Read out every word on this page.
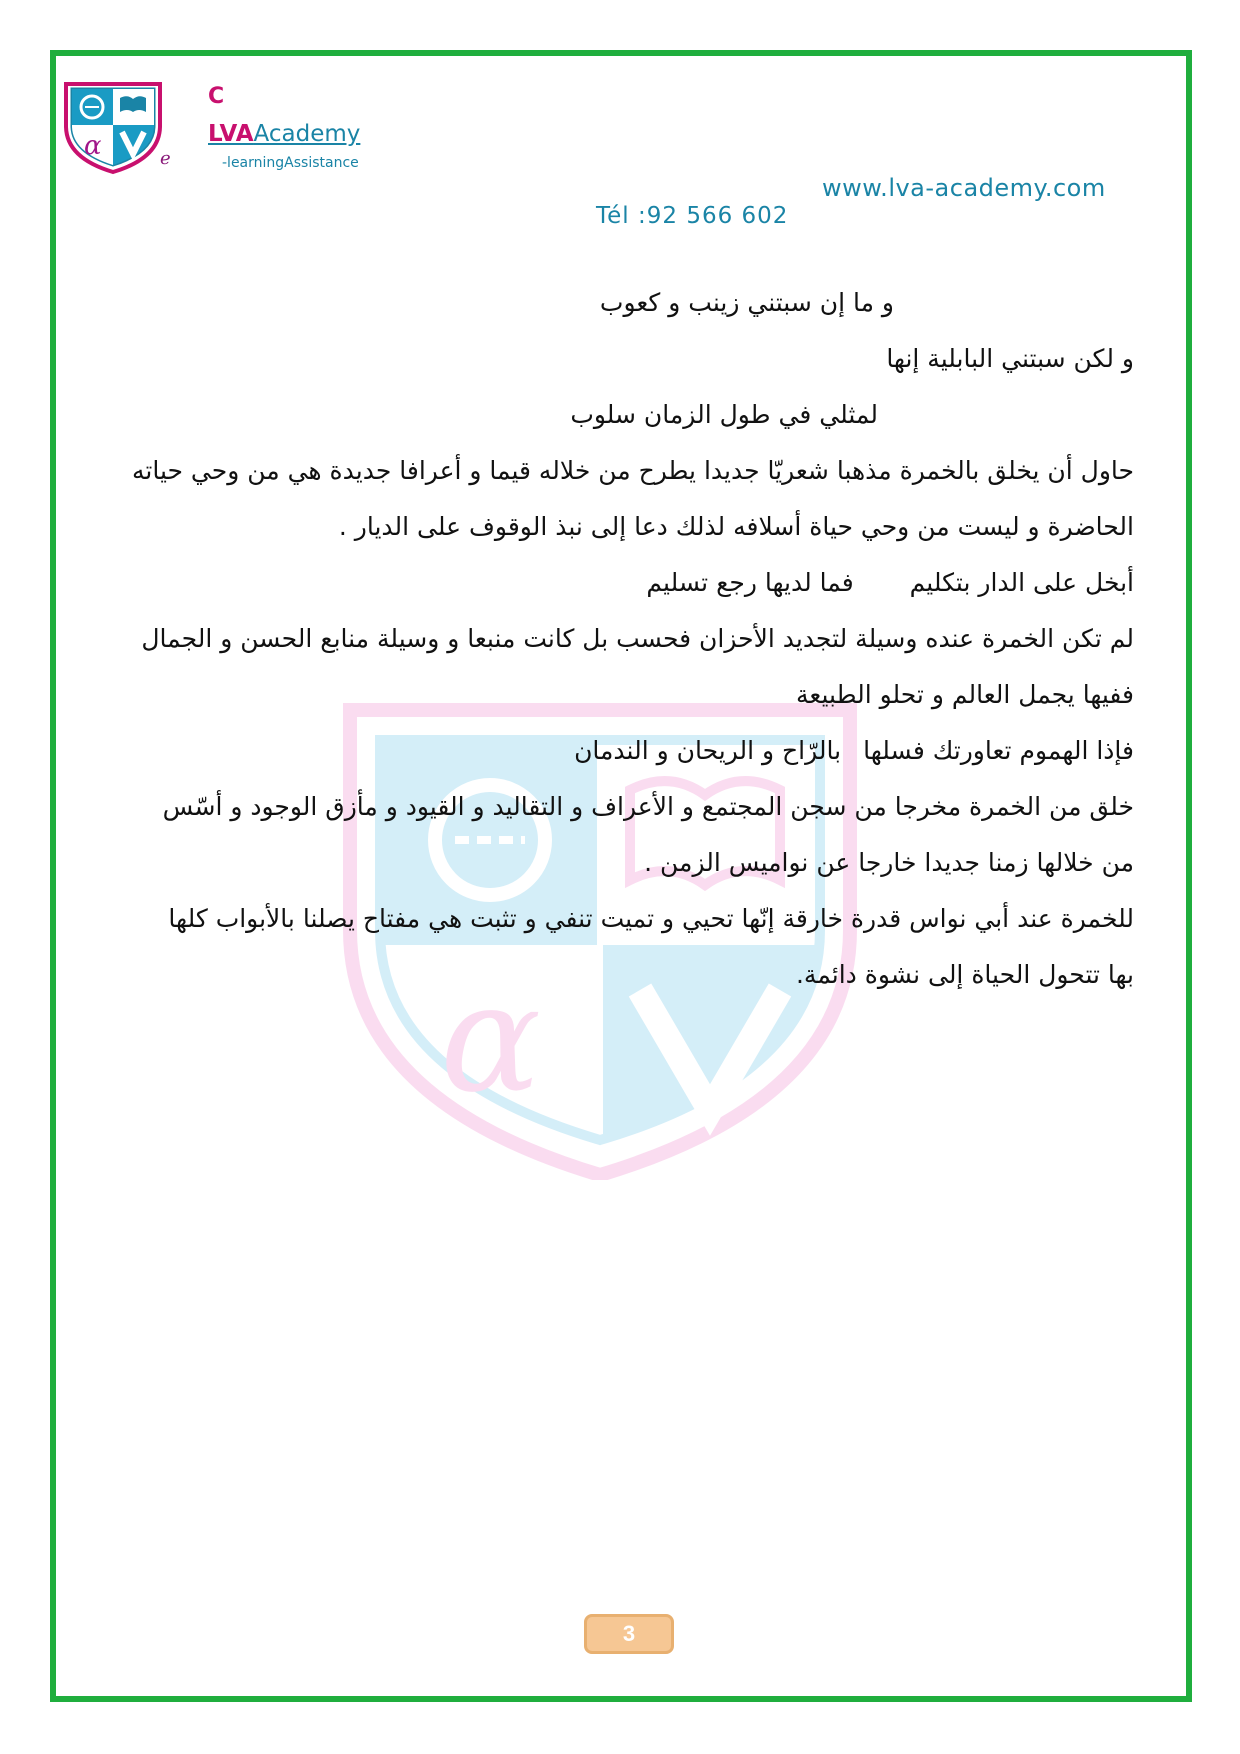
α	e
C
LVAAcademy
-learningAssistance
www.lva-academy.com
Tél :92 566 602
α
و ما إن سبتني زينب و كعوب
و لكن سبتني البابلية إنها
لمثلي في طول الزمان سلوب
حاول أن يخلق بالخمرة مذهبا شعريّا جديدا يطرح من خلاله قيما و أعرافا جديدة هي من وحي حياته
الحاضرة و ليست من وحي حياة أسلافه لذلك دعا إلى نبذ الوقوف على الديار .
أبخل على الدار بتكليم
فما لديها رجع تسليم
لم تكن الخمرة عنده وسيلة لتجديد الأحزان فحسب بل كانت منبعا و وسيلة منابع الحسن و الجمال
ففيها يجمل العالم و تحلو الطبيعة
فإذا الهموم تعاورتك فسلها
بالرّاح و الريحان و الندمان
خلق من الخمرة مخرجا من سجن المجتمع و الأعراف و التقاليد و القيود و مأزق الوجود و أسّس
من خلالها زمنا جديدا خارجا عن نواميس الزمن .
للخمرة عند أبي نواس قدرة خارقة إنّها تحيي و تميت تنفي و تثبت هي مفتاح يصلنا بالأبواب كلها
بها تتحول الحياة إلى نشوة دائمة.
3
